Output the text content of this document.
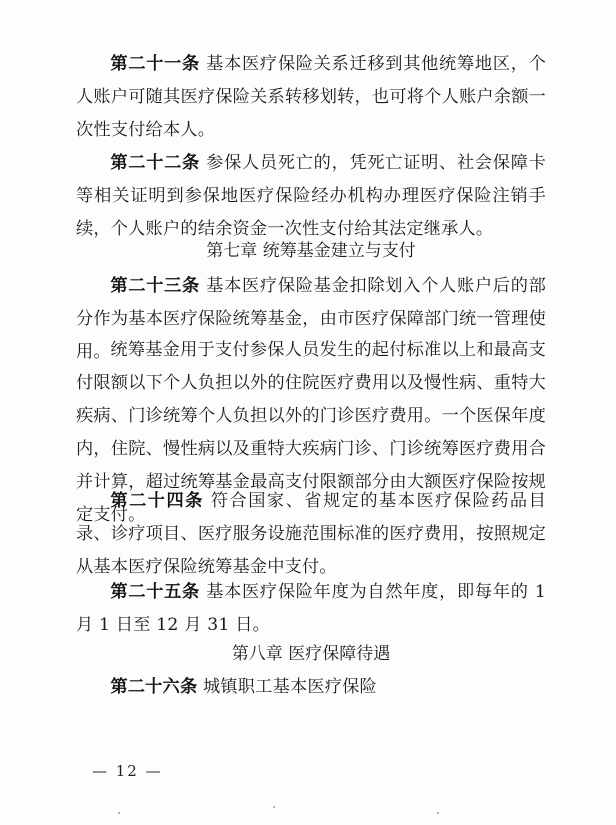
第二十一条 基本医疗保险关系迁移到其他统筹地区，个人账户可随其医疗保险关系转移划转，也可将个人账户余额一次性支付给本人。

第二十二条 参保人员死亡的，凭死亡证明、社会保障卡等相关证明到参保地医疗保险经办机构办理医疗保险注销手续，个人账户的结余资金一次性支付给其法定继承人。

第七章 统筹基金建立与支付

第二十三条 基本医疗保险基金扣除划入个人账户后的部分作为基本医疗保险统筹基金，由市医疗保障部门统一管理使用。 统筹基金用于支付参保人员发生的起付标准以上和最高支付限额以下个人负担以外的住院医疗费用以及慢性病、重特大疾病、门诊统筹个人负担以外的门诊医疗费用。一个医保年度内，住院、慢性病以及重特大疾病门诊、门诊统筹医疗费用合并计算，超过统筹基金最高支付限额部分由大额医疗保险按规定支付。

第二十四条 符合国家、省规定的基本医疗保险药品目录、诊疗项目、医疗服务设施范围标准的医疗费用，按照规定从基本医疗保险统筹基金中支付。

第二十五条 基本医疗保险年度为自然年度，即每年的 1 月 1 日至 12 月 31 日。

第八章 医疗保障待遇

第二十六条 城镇职工基本医疗保险

— 12 —
